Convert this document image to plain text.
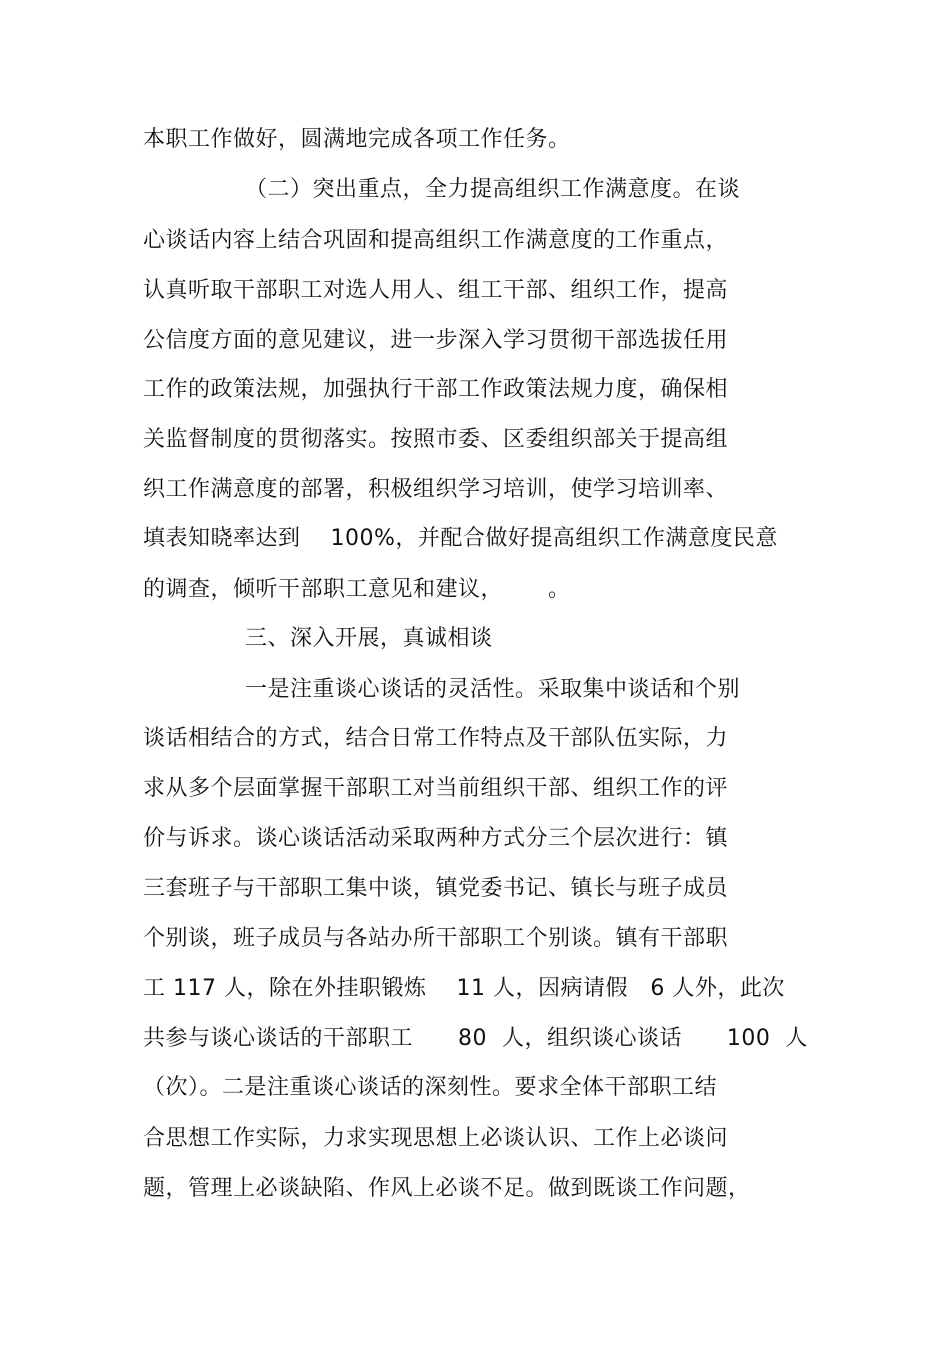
本职工作做好，圆满地完成各项工作任务。
（二）突出重点，全力提高组织工作满意度。在谈
心谈话内容上结合巩固和提高组织工作满意度的工作重点，
认真听取干部职工对选人用人、组工干部、组织工作，提高
公信度方面的意见建议，进一步深入学习贯彻干部选拔任用
工作的政策法规，加强执行干部工作政策法规力度，确保相
关监督制度的贯彻落实。按照市委、区委组织部关于提高组
织工作满意度的部署，积极组织学习培训，使学习培训率、
填表知晓率达到    100%，并配合做好提高组织工作满意度民意
的调查，倾听干部职工意见和建议，      。
三、深入开展，真诚相谈
一是注重谈心谈话的灵活性。采取集中谈话和个别
谈话相结合的方式，结合日常工作特点及干部队伍实际，力
求从多个层面掌握干部职工对当前组织干部、组织工作的评
价与诉求。谈心谈话活动采取两种方式分三个层次进行：镇
三套班子与干部职工集中谈，镇党委书记、镇长与班子成员
个别谈，班子成员与各站办所干部职工个别谈。镇有干部职
工 117 人，除在外挂职锻炼    11 人，因病请假   6 人外，此次
共参与谈心谈话的干部职工      80  人，组织谈心谈话      100  人
（次）。二是注重谈心谈话的深刻性。要求全体干部职工结
合思想工作实际，力求实现思想上必谈认识、工作上必谈问
题，管理上必谈缺陷、作风上必谈不足。做到既谈工作问题，
